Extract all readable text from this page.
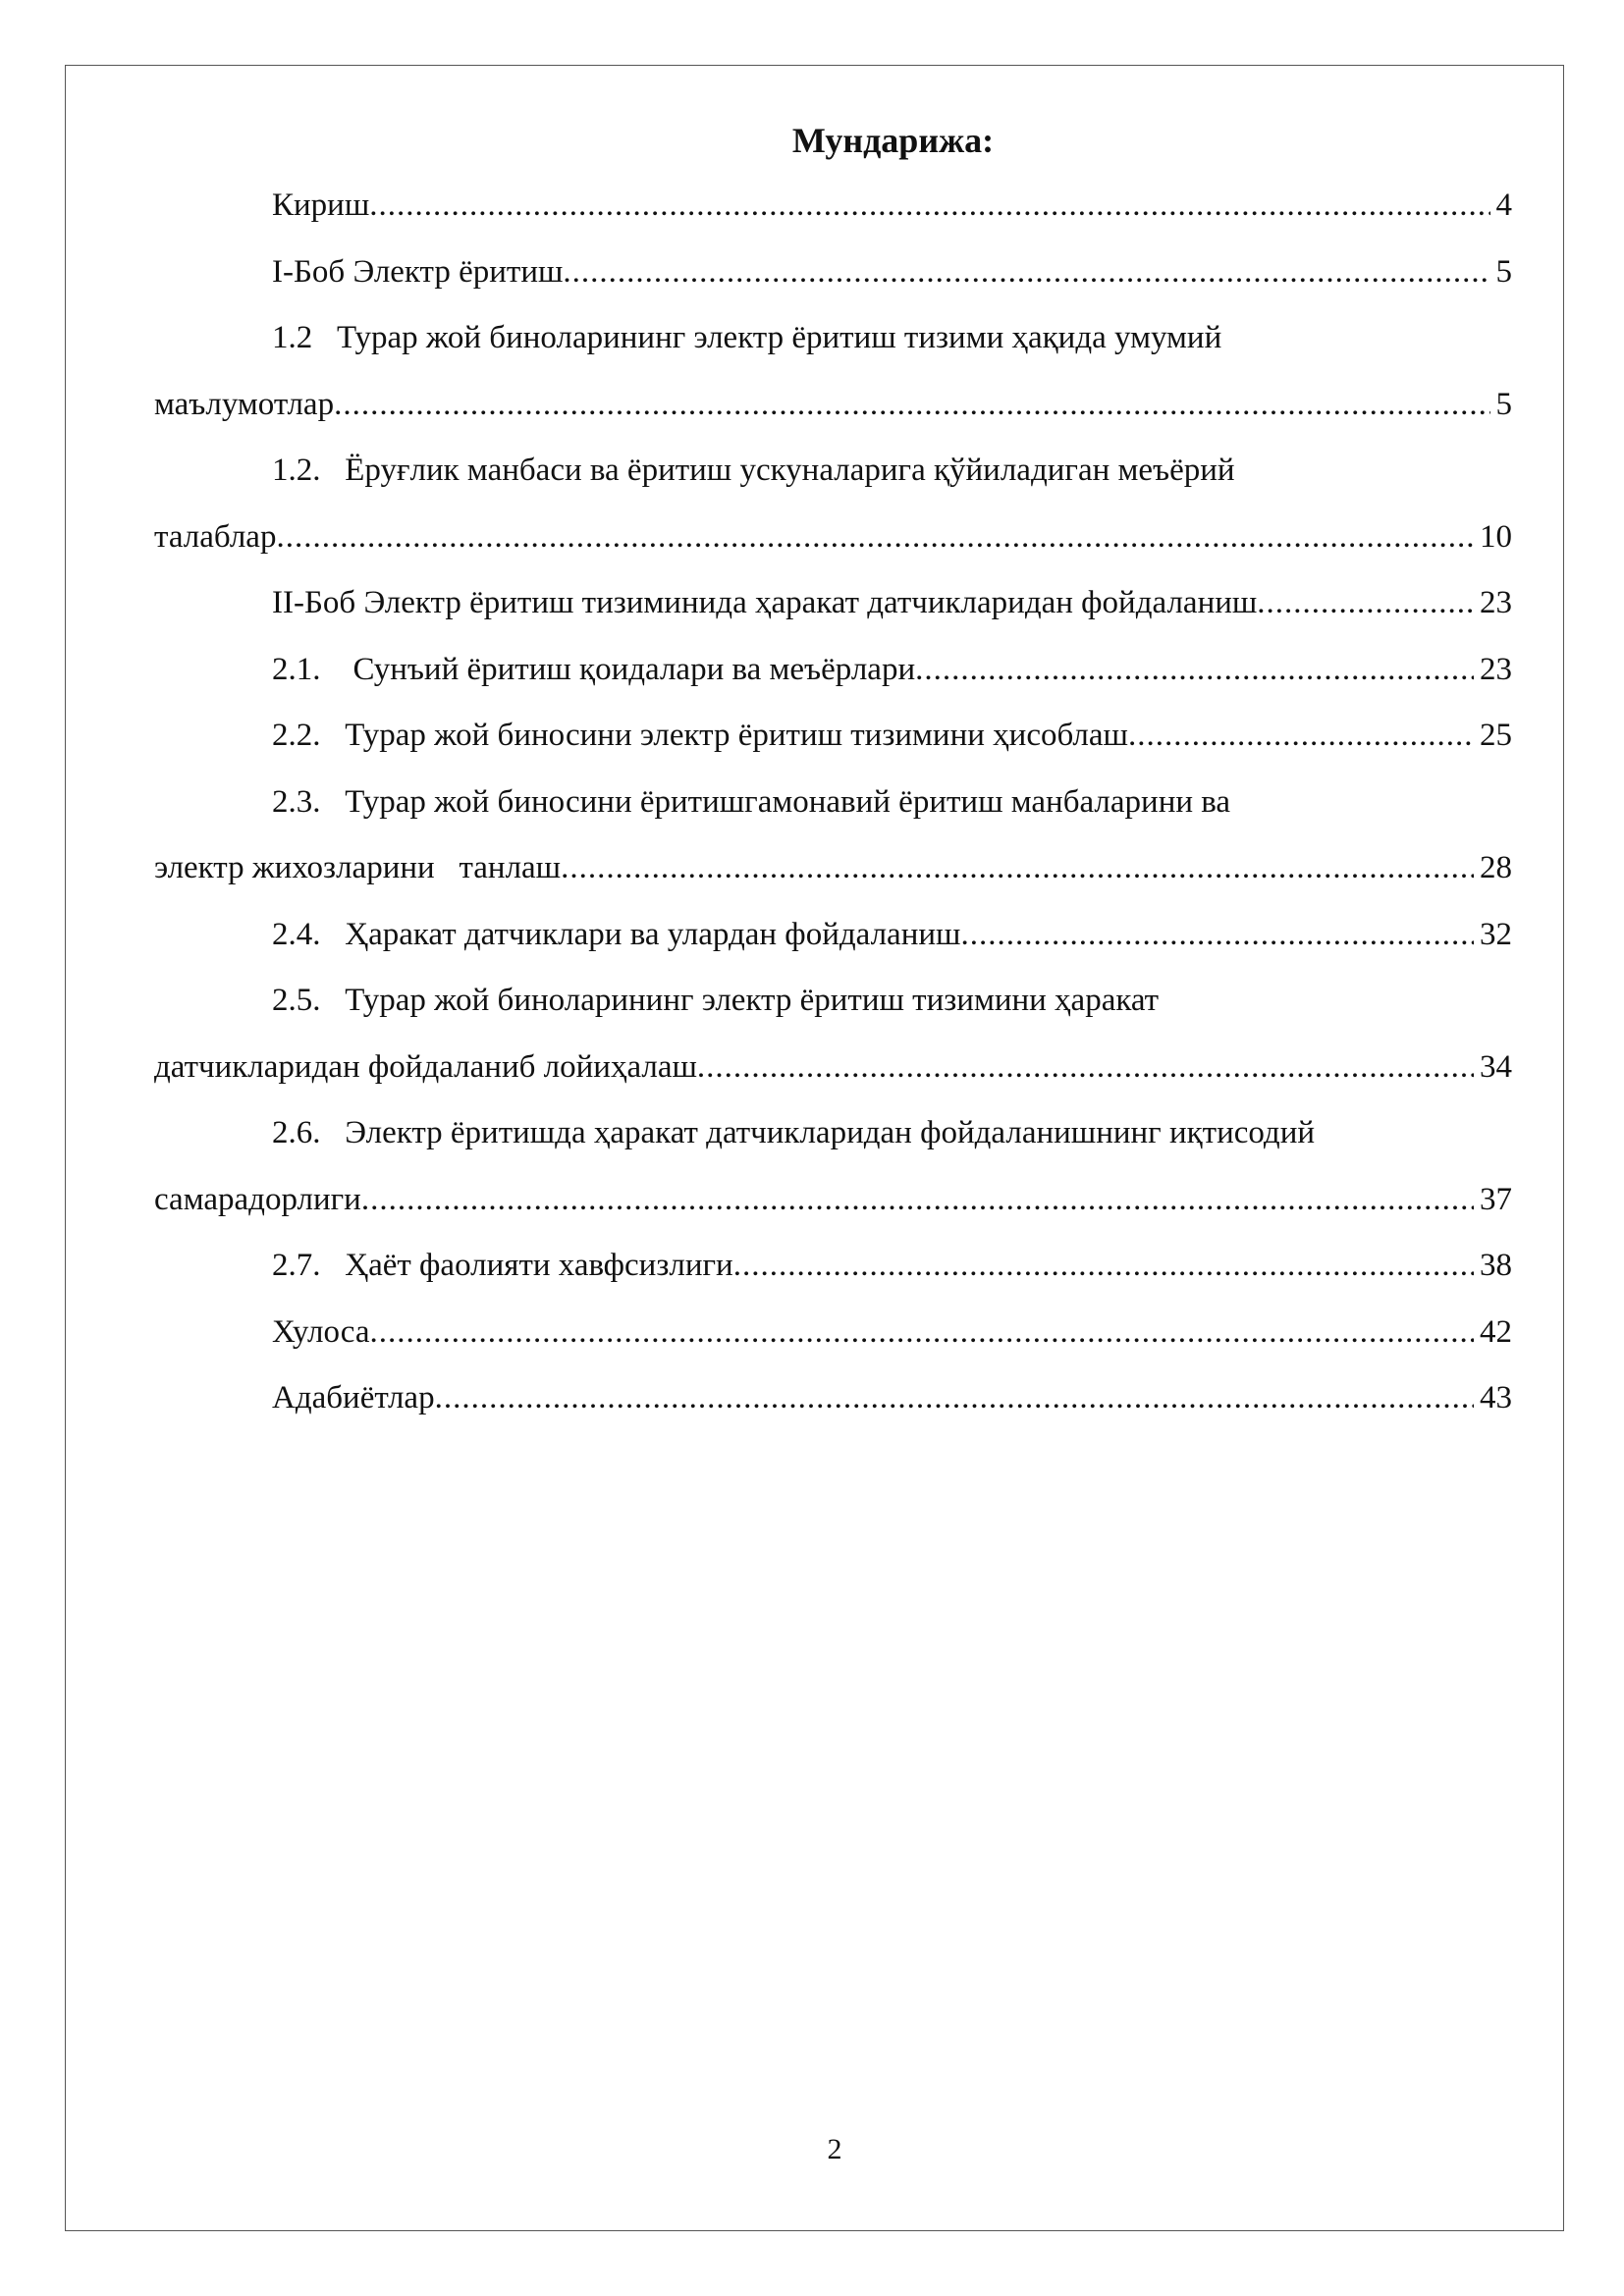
Мундарижа:
Кириш .....	4
I-Боб Электр ёритиш .....	5
1.2   Турар жой биноларининг электр ёритиш тизими ҳақида умумий
маълумотлар .....	5
1.2.   Ёруғлик манбаси ва ёритиш ускуналарига қўйиладиган меъёрий
талаблар .....	10
II-Боб Электр ёритиш тизиминида ҳаракат датчикларидан фойдаланиш .....	23
2.1.    Сунъий ёритиш қоидалари ва меъёрлари .....	23
2.2.   Турар жой биносини электр ёритиш тизимини ҳисоблаш .....	25
2.3.   Турар жой биносини ёритишгамонавий ёритиш манбаларини ва
электр жихозларини   танлаш .....	28
2.4.   Ҳаракат датчиклари ва улардан фойдаланиш .....	32
2.5.   Турар жой биноларининг электр ёритиш тизимини ҳаракат
датчикларидан фойдаланиб лойиҳалаш .....	34
2.6.   Электр ёритишда ҳаракат датчикларидан фойдаланишнинг иқтисодий
самарадорлиги .....	37
2.7.   Ҳаёт фаолияти хавфсизлиги .....	38
Хулоса .....	42
Адабиётлар .....	43
2
